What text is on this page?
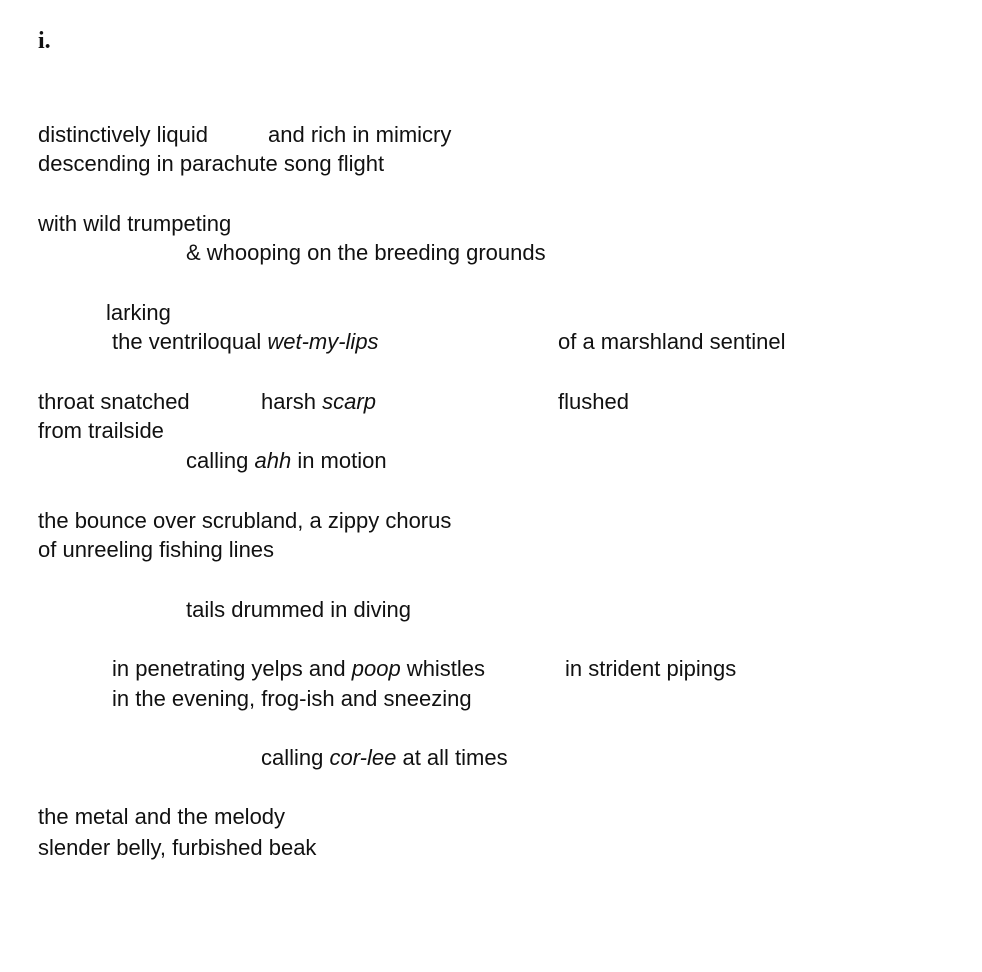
i.
distinctively liquid	and rich in mimicry
descending in parachute song flight
with wild trumpeting
& whooping on the breeding grounds
larking
the ventriloqual wet-my-lips	of a marshland sentinel
throat snatched	harsh scarp	flushed
from trailside
calling ahh in motion
the bounce over scrubland, a zippy chorus
of unreeling fishing lines
tails drummed in diving
in penetrating yelps and poop whistles	in strident pipings
in the evening, frog-ish and sneezing
calling cor-lee at all times
the metal and the melody
slender belly, furbished beak
